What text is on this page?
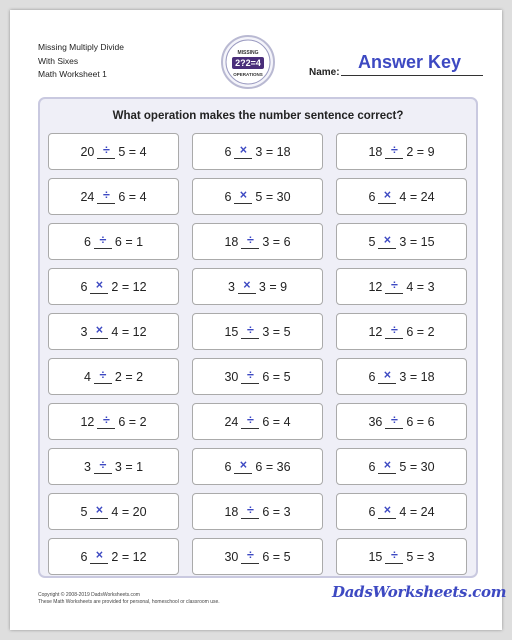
Missing Multiply Divide
With Sixes
Math Worksheet 1
2?2=4
MISSING
OPERATIONS	Name:
Answer Key
What operation makes the number sentence correct?
20 ÷ 5 = 4	6 × 3 = 18	18 ÷ 2 = 9
24 ÷ 6 = 4	6 × 5 = 30	6 × 4 = 24
6 ÷ 6 = 1	18 ÷ 3 = 6	5 × 3 = 15
6 × 2 = 12	3 × 3 = 9	12 ÷ 4 = 3
3 × 4 = 12	15 ÷ 3 = 5	12 ÷ 6 = 2
4 ÷ 2 = 2	30 ÷ 6 = 5	6 × 3 = 18
12 ÷ 6 = 2	24 ÷ 6 = 4	36 ÷ 6 = 6
3 ÷ 3 = 1	6 × 6 = 36	6 × 5 = 30
5 × 4 = 20	18 ÷ 6 = 3	6 × 4 = 24
6 × 2 = 12	30 ÷ 6 = 5	15 ÷ 5 = 3
Copyright © 2008-2019 DadsWorksheets.com
These Math Worksheets are provided for personal, homeschool or classroom use.
DadsWorksheets.com
